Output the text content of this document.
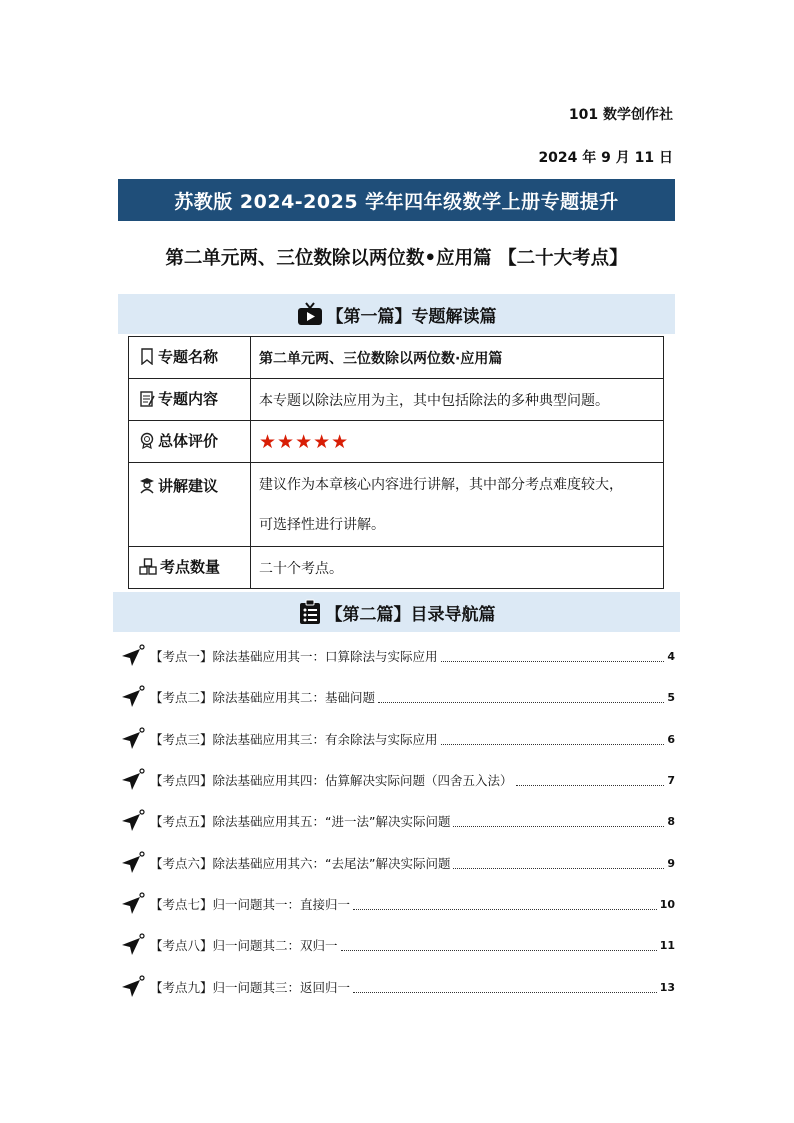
101 数学创作社
2024 年 9 月 11 日
苏教版 2024-2025 学年四年级数学上册专题提升
第二单元两、三位数除以两位数•应用篇 【二十大考点】
【第一篇】专题解读篇
专题名称	第二单元两、三位数除以两位数·应用篇
专题内容	本专题以除法应用为主，其中包括除法的多种典型问题。
总体评价	★★★★★
讲解建议	建议作为本章核心内容进行讲解，其中部分考点难度较大，
可选择性进行讲解。

考点数量	二十个考点。
【第二篇】目录导航篇
【考点一】除法基础应用其一：口算除法与实际应用	4
【考点二】除法基础应用其二：基础问题	5
【考点三】除法基础应用其三：有余除法与实际应用	6
【考点四】除法基础应用其四：估算解决实际问题（四舍五入法）	7
【考点五】除法基础应用其五：“进一法”解决实际问题	8
【考点六】除法基础应用其六：“去尾法”解决实际问题	9
【考点七】归一问题其一：直接归一	10
【考点八】归一问题其二：双归一	11
【考点九】归一问题其三：返回归一	13
